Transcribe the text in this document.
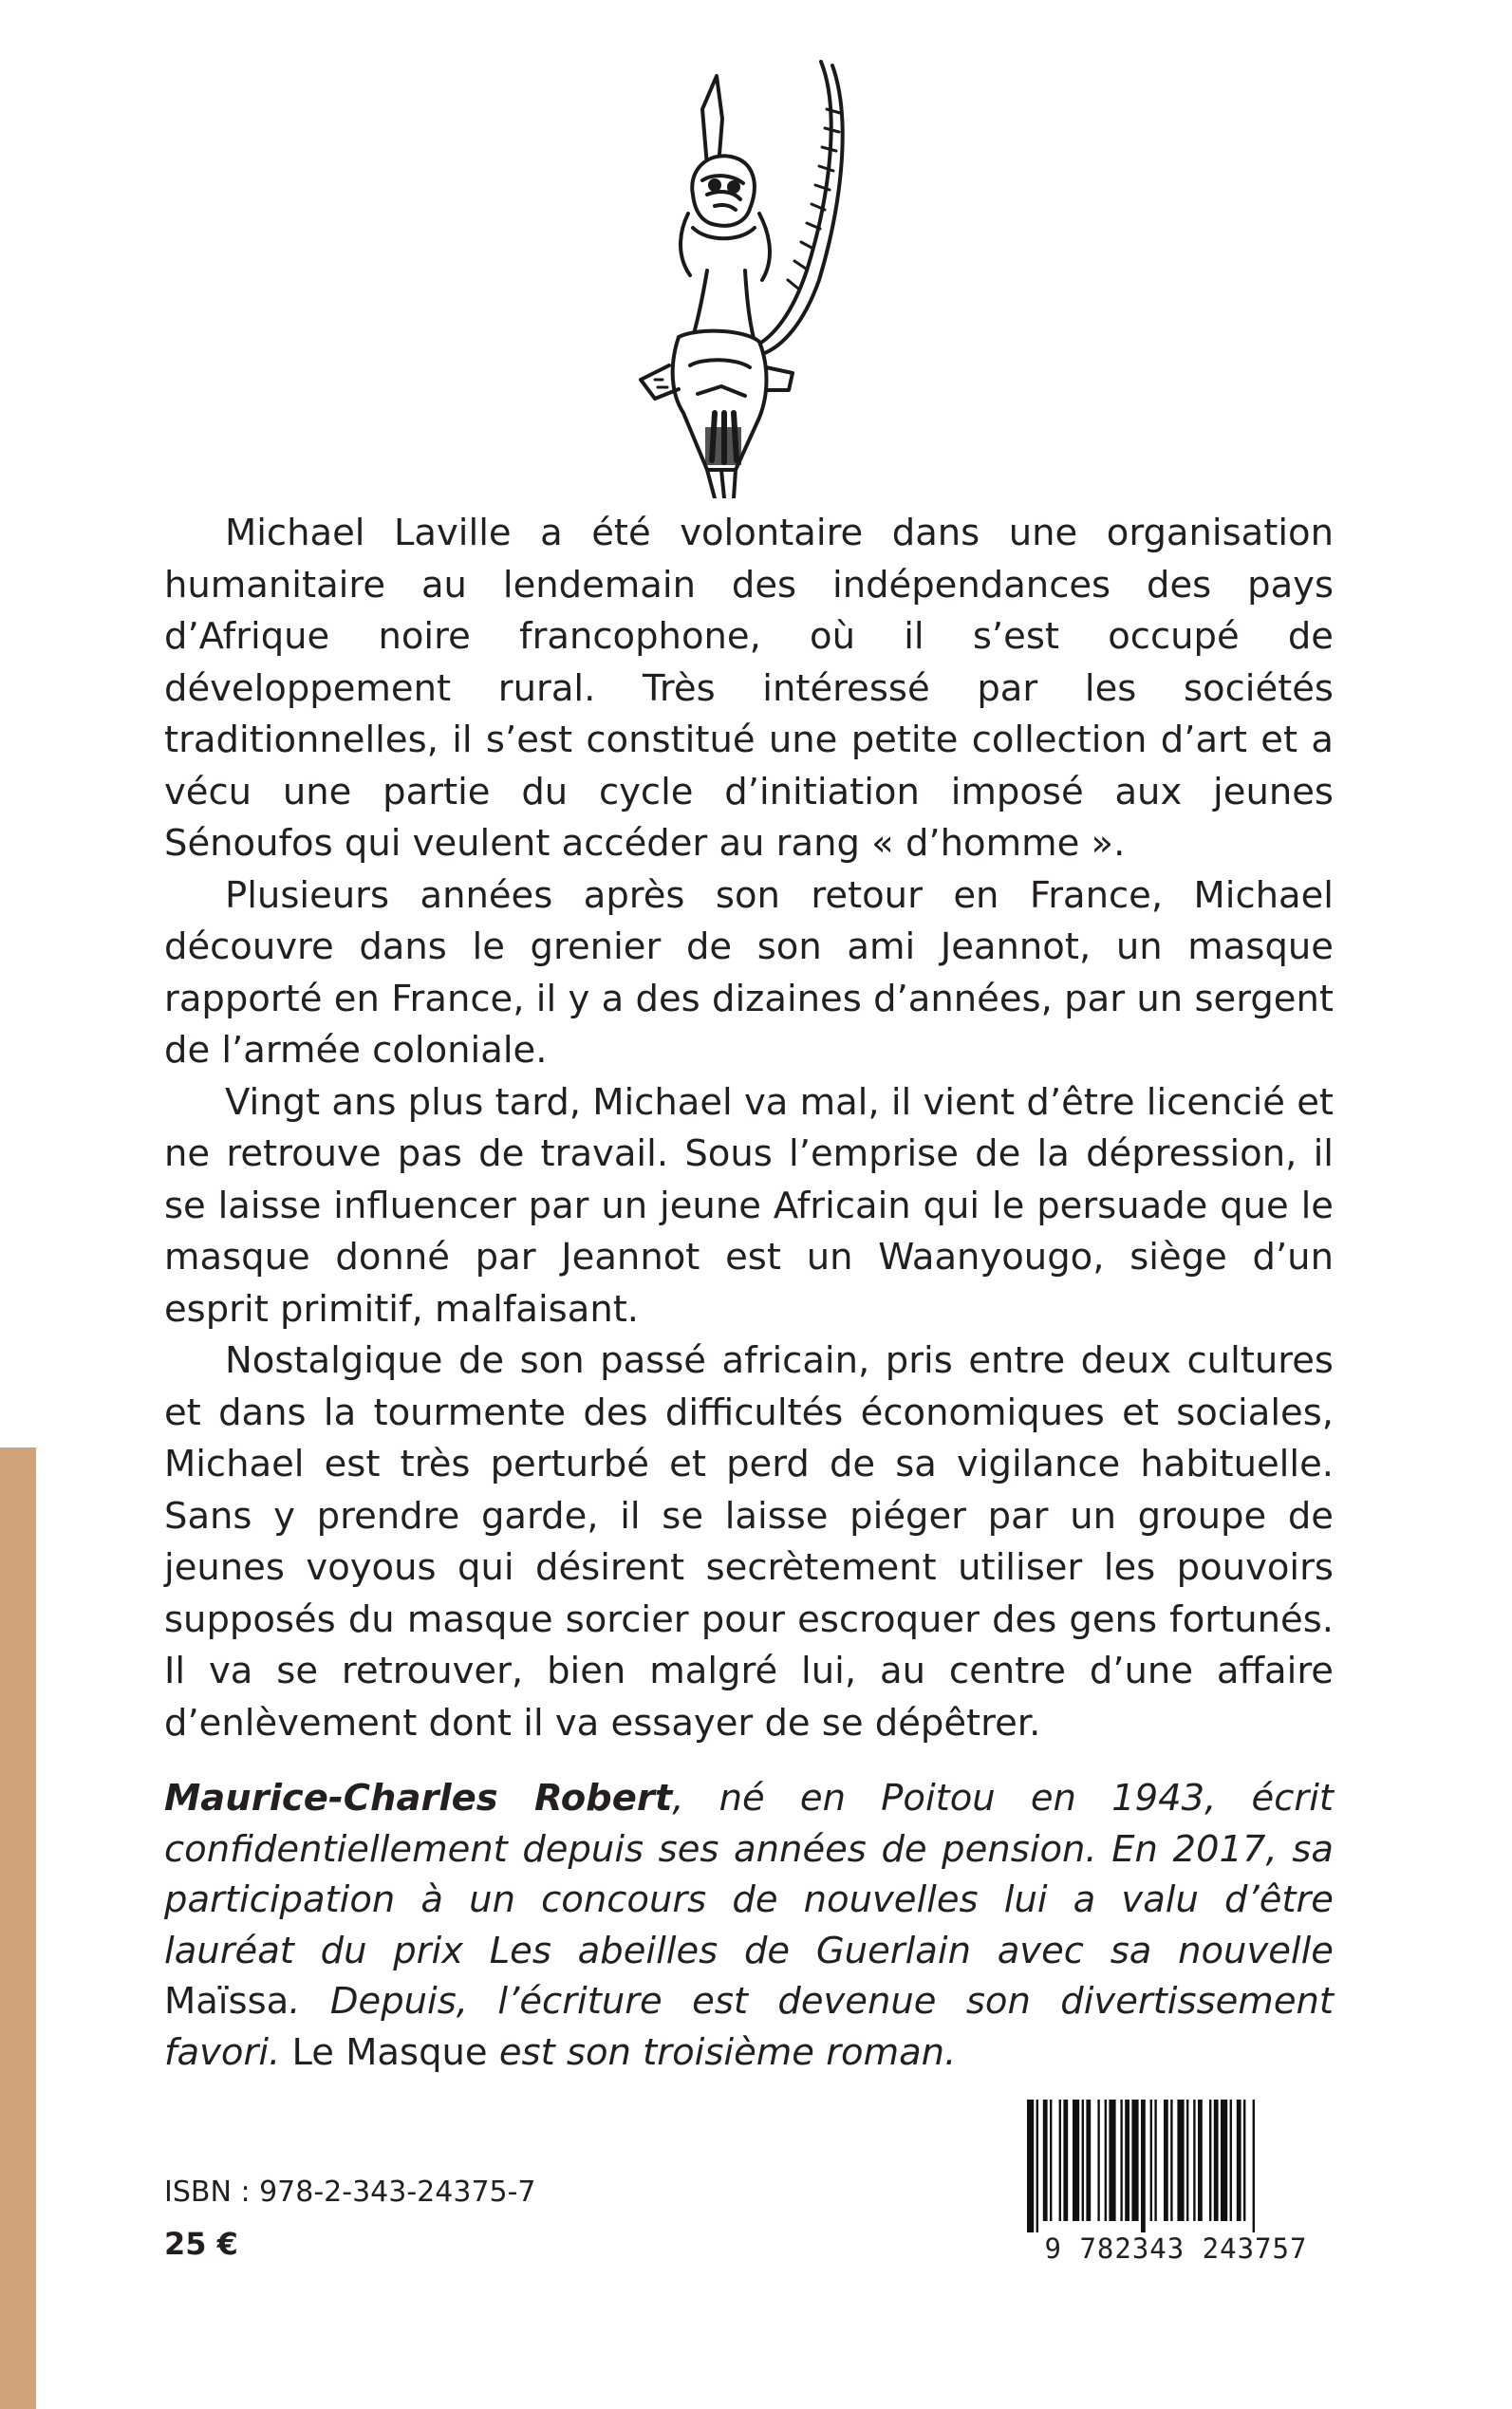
Michael Laville a été volontaire dans une organisation humanitaire au lendemain des indépendances des pays d’Afrique noire francophone, où il s’est occupé de développement rural. Très intéressé par les sociétés traditionnelles, il s’est constitué une petite collection d’art et a vécu une partie du cycle d’initiation imposé aux jeunes Sénoufos qui veulent accéder au rang « d’homme ».

Plusieurs années après son retour en France, Michael découvre dans le grenier de son ami Jeannot, un masque rapporté en France, il y a des dizaines d’années, par un sergent de l’armée coloniale.

Vingt ans plus tard, Michael va mal, il vient d’être licencié et ne retrouve pas de travail. Sous l’emprise de la dépression, il se laisse influencer par un jeune Africain qui le persuade que le masque donné par Jeannot est un Waanyougo, siège d’un esprit primitif, malfaisant.

Nostalgique de son passé africain, pris entre deux cultures et dans la tourmente des difficultés économiques et sociales, Michael est très perturbé et perd de sa vigilance habituelle. Sans y prendre garde, il se laisse piéger par un groupe de jeunes voyous qui désirent secrètement utiliser les pouvoirs supposés du masque sorcier pour escroquer des gens fortunés. Il va se retrouver, bien malgré lui, au centre d’une affaire d’enlèvement dont il va essayer de se dépêtrer.

Maurice-Charles Robert, né en Poitou en 1943, écrit confidentiellement depuis ses années de pension. En 2017, sa participation à un concours de nouvelles lui a valu d’être lauréat du prix Les abeilles de Guerlain avec sa nouvelle Maïssa. Depuis, l’écriture est devenue son divertissement favori. Le Masque est son troisième roman.

ISBN : 978-2-343-24375-7
25 €	9 782343 243757
